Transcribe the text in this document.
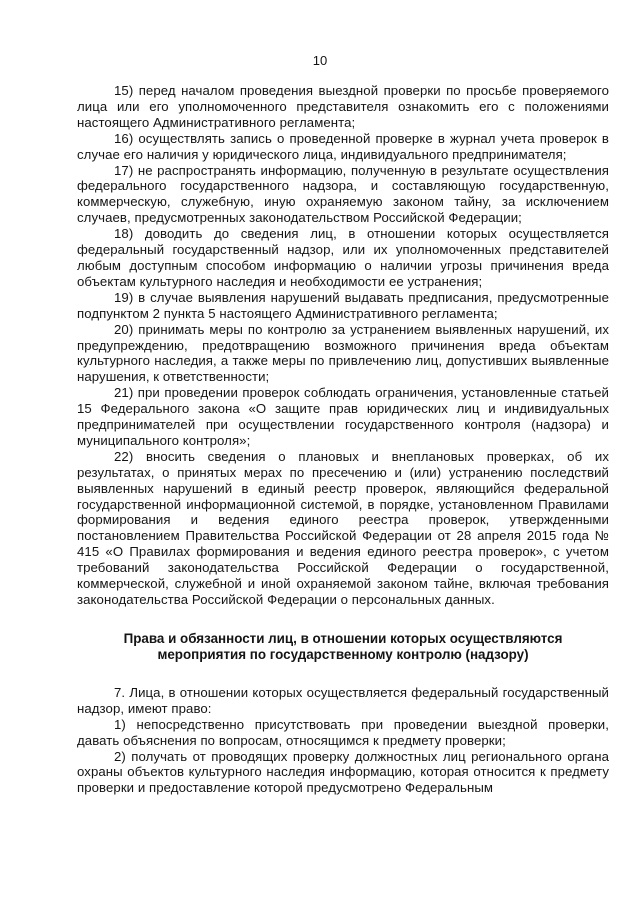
10

15) перед началом проведения выездной проверки по просьбе проверяемого лица или его уполномоченного представителя ознакомить его с положениями настоящего Административного регламента;

16) осуществлять запись о проведенной проверке в журнал учета проверок в случае его наличия у юридического лица, индивидуального предпринимателя;

17) не распространять информацию, полученную в результате осуществления федерального государственного надзора, и составляющую государственную, коммерческую, служебную, иную охраняемую законом тайну, за исключением случаев, предусмотренных законодательством Российской Федерации;

18) доводить до сведения лиц, в отношении которых осуществляется федеральный государственный надзор, или их уполномоченных представителей любым доступным способом информацию о наличии угрозы причинения вреда объектам культурного наследия и необходимости ее устранения;

19) в случае выявления нарушений выдавать предписания, предусмотренные подпунктом 2 пункта 5 настоящего Административного регламента;

20) принимать меры по контролю за устранением выявленных нарушений, их предупреждению, предотвращению возможного причинения вреда объектам культурного наследия, а также меры по привлечению лиц, допустивших выявленные нарушения, к ответственности;

21) при проведении проверок соблюдать ограничения, установленные статьей 15 Федерального закона «О защите прав юридических лиц и индивидуальных предпринимателей при осуществлении государственного контроля (надзора) и муниципального контроля»;

22) вносить сведения о плановых и внеплановых проверках, об их результатах, о принятых мерах по пресечению и (или) устранению последствий выявленных нарушений в единый реестр проверок, являющийся федеральной государственной информационной системой, в порядке, установленном Правилами формирования и ведения единого реестра проверок, утвержденными постановлением Правительства Российской Федерации от 28 апреля 2015 года № 415 «О Правилах формирования и ведения единого реестра проверок», с учетом требований законодательства Российской Федерации о государственной, коммерческой, служебной и иной охраняемой законом тайне, включая требования законодательства Российской Федерации о персональных данных.

Права и обязанности лиц, в отношении которых осуществляются мероприятия по государственному контролю (надзору)

7. Лица, в отношении которых осуществляется федеральный государственный надзор, имеют право:

1) непосредственно присутствовать при проведении выездной проверки, давать объяснения по вопросам, относящимся к предмету проверки;

2) получать от проводящих проверку должностных лиц регионального органа охраны объектов культурного наследия информацию, которая относится к предмету проверки и предоставление которой предусмотрено Федеральным
